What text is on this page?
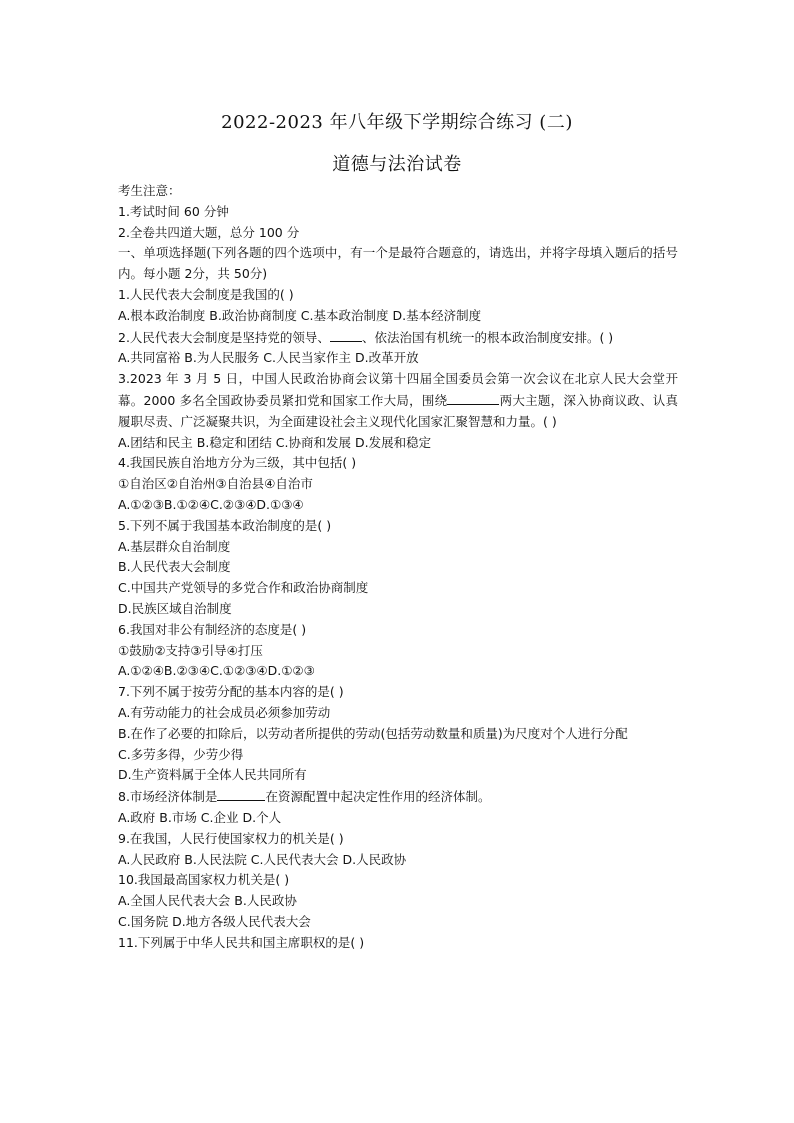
2022-2023 年八年级下学期综合练习 (二)
道德与法治试卷

考生注意：

1.考试时间 60 分钟

2.全卷共四道大题，总分 100 分

一、单项选择题(下列各题的四个选项中，有一个是最符合题意的，请选出，并将字母填入题后的括号内。每小题 2分，共 50分)

1.人民代表大会制度是我国的( )

A.根本政治制度 B.政治协商制度 C.基本政治制度 D.基本经济制度

2.人民代表大会制度是坚持党的领导、	、依法治国有机统一的根本政治制度安排。( )

A.共同富裕 B.为人民服务 C.人民当家作主 D.改革开放

3.2023 年 3 月 5 日，中国人民政治协商会议第十四届全国委员会第一次会议在北京人民大会堂开幕。2000 多名全国政协委员紧扣党和国家工作大局，围绕	两大主题，深入协商议政、认真履职尽责、广泛凝聚共识，为全面建设社会主义现代化国家汇聚智慧和力量。( )

A.团结和民主 B.稳定和团结 C.协商和发展 D.发展和稳定

4.我国民族自治地方分为三级，其中包括( )

①自治区②自治州③自治县④自治市

A.①②③B.①②④C.②③④D.①③④

5.下列不属于我国基本政治制度的是( )

A.基层群众自治制度

B.人民代表大会制度

C.中国共产党领导的多党合作和政治协商制度

D.民族区域自治制度

6.我国对非公有制经济的态度是( )

①鼓励②支持③引导④打压

A.①②④B.②③④C.①②③④D.①②③

7.下列不属于按劳分配的基本内容的是( )

A.有劳动能力的社会成员必须参加劳动

B.在作了必要的扣除后，以劳动者所提供的劳动(包括劳动数量和质量)为尺度对个人进行分配

C.多劳多得，少劳少得

D.生产资料属于全体人民共同所有

8.市场经济体制是	在资源配置中起决定性作用的经济体制。

A.政府 B.市场 C.企业 D.个人

9.在我国，人民行使国家权力的机关是( )

A.人民政府 B.人民法院 C.人民代表大会 D.人民政协

10.我国最高国家权力机关是( )

A.全国人民代表大会 B.人民政协

C.国务院 D.地方各级人民代表大会

11.下列属于中华人民共和国主席职权的是( )
